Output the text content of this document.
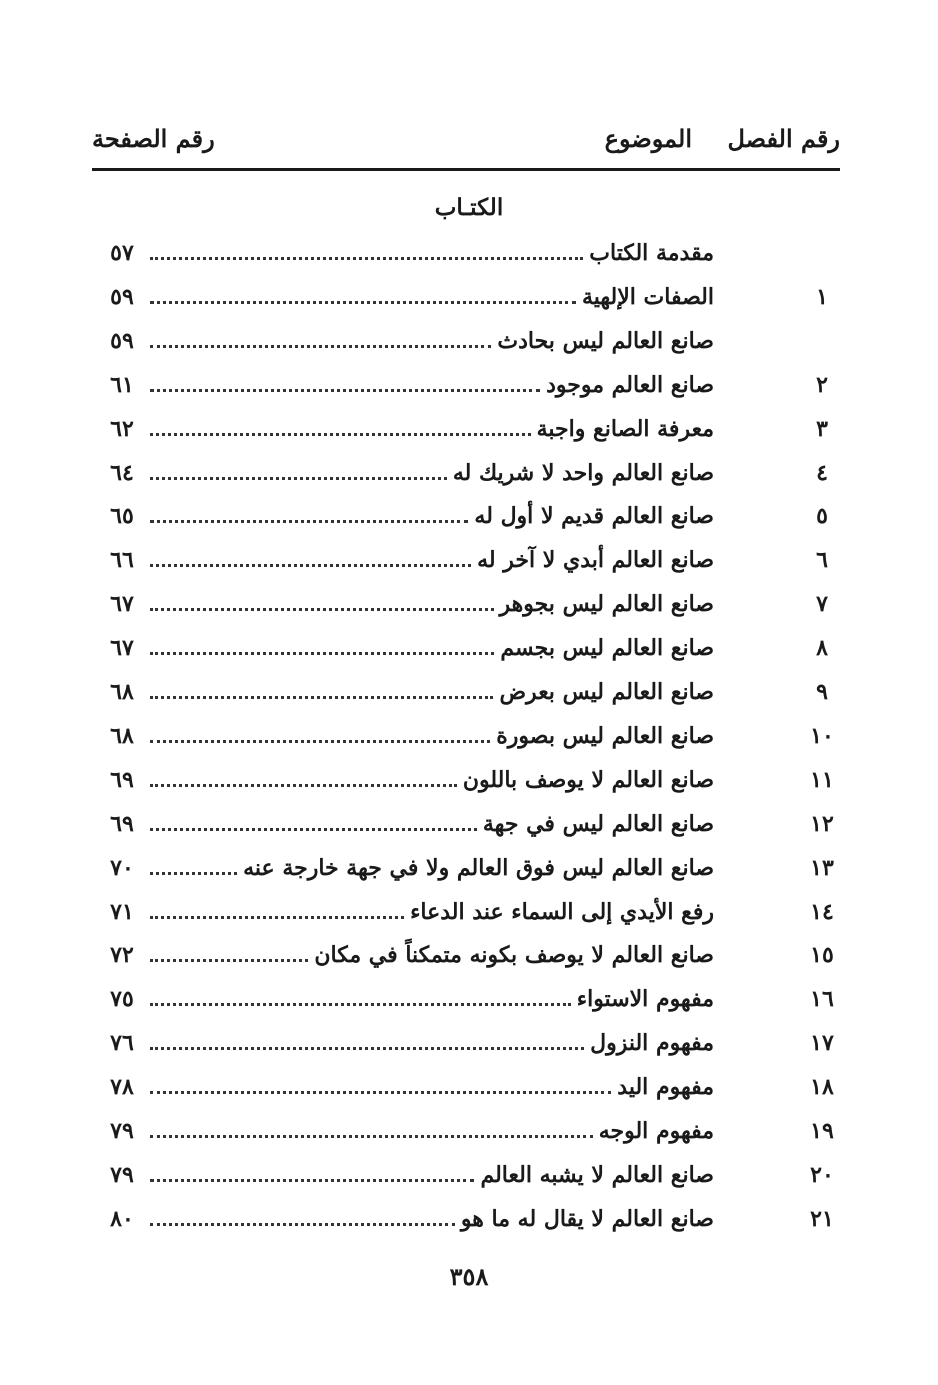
رقم الفصل
الموضوع
رقم الصفحة
الكتـاب
مقدمة الكتاب
٥٧
١
الصفات الإلهية
٥٩
صانع العالم ليس بحادث
٥٩
٢
صانع العالم موجود
٦١
٣
معرفة الصانع واجبة
٦٢
٤
صانع العالم واحد لا شريك له
٦٤
٥
صانع العالم قديم لا أول له
٦٥
٦
صانع العالم أبدي لا آخر له
٦٦
٧
صانع العالم ليس بجوهر
٦٧
٨
صانع العالم ليس بجسم
٦٧
٩
صانع العالم ليس بعرض
٦٨
١٠
صانع العالم ليس بصورة
٦٨
١١
صانع العالم لا يوصف باللون
٦٩
١٢
صانع العالم ليس في جهة
٦٩
١٣
صانع العالم ليس فوق العالم ولا في جهة خارجة عنه
٧٠
١٤
رفع الأيدي إلى السماء عند الدعاء
٧١
١٥
صانع العالم لا يوصف بكونه متمكناً في مكان
٧٢
١٦
مفهوم الاستواء
٧٥
١٧
مفهوم النزول
٧٦
١٨
مفهوم اليد
٧٨
١٩
مفهوم الوجه
٧٩
٢٠
صانع العالم لا يشبه العالم
٧٩
٢١
صانع العالم لا يقال له ما هو
٨٠
٣٥٨
